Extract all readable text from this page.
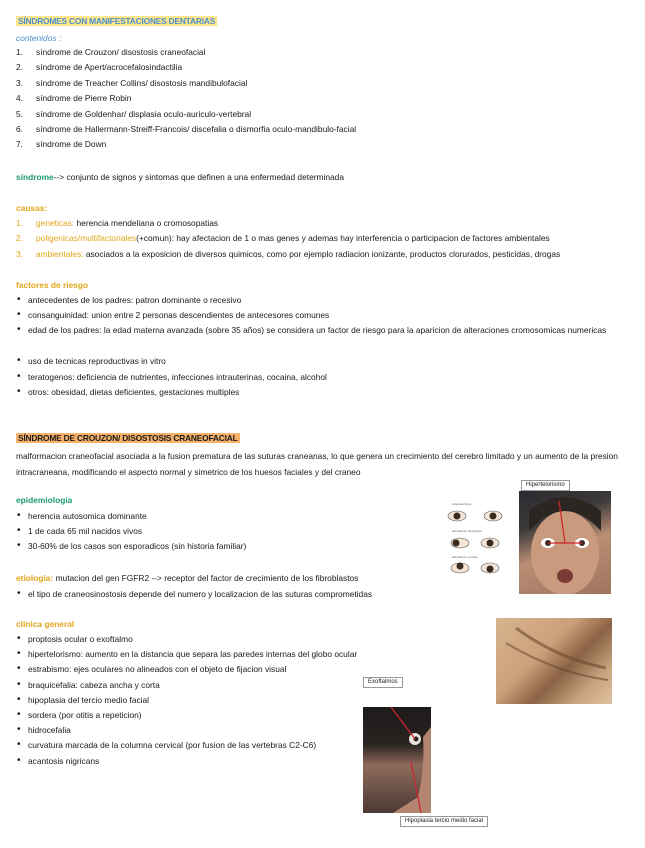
SÍNDROMES CON MANIFESTACIONES DENTARIAS
contenidos :
1.	síndrome de Crouzon/ disostosis craneofacial
2.	síndrome de Apert/acrocefalosindactilia
3.	síndrome de Treacher Collins/ disostosis mandibulofacial
4.	síndrome de Pierre Robin
5.	síndrome de Goldenhar/ displasia oculo-auriculo-vertebral
6.	síndrome de Hallermann-Streiff-Francois/ discefalia o dismorfia oculo-mandibulo-facial
7.	síndrome de Down
síndrome--> conjunto de signos y sintomas que definen a una enfermedad determinada
causas:
1.	geneticas: herencia mendeliana o cromosopatias
2.	poligenicas/multifactoriales(+comun): hay afectacion de 1 o mas genes y ademas hay interferencia o participacion de factores ambientales
3.	ambientales: asociados a la exposicion de diversos quimicos, como por ejemplo radiacion ionizante, productos clorurados, pesticidas, drogas
factores de riesgo
• antecedentes de los padres: patron dominante o recesivo
• consanguinidad: union entre 2 personas descendientes de antecesores comunes
• edad de los padres: la edad materna avanzada (sobre 35 años) se considera un factor de riesgo para la aparicion de alteraciones cromosomicas numericas
• uso de tecnicas reproductivas in vitro
• teratogenos: deficiencia de nutrientes, infecciones intrauterinas, cocaina, alcohol
• otros: obesidad, dietas deficientes, gestaciones multiples
SÍNDROME DE CROUZON/ DISOSTOSIS CRANEOFACIAL
malformacion craneofacial asociada a la fusion prematura de las suturas craneanas, lo que genera un crecimiento del cerebro limitado y un aumento de la presion intracraneana, modificando el aspecto normal y simetrico de los huesos faciales y del craneo
epidemiologia
• herencia autosomica dominante
• 1 de cada 65 mil nacidos vivos
• 30-60% de los casos son esporadicos (sin historia familiar)
etiologia: mutacion del gen FGFR2 --> receptor del factor de crecimiento de los fibroblastos
• el tipo de craneosinostosis depende del numero y localizacion de las suturas comprometidas
clinica general
• proptosis ocular o exoftalmo
• hipertelorismo: aumento en la distancia que separa las paredes internas del globo ocular
• estrabismo: ejes oculares no alineados con el objeto de fijacion visual
• braquicefalia: cabeza ancha y corta
• hipoplasia del tercio medio facial
• sordera (por otitis a repeticion)
• hidrocefalia
• curvatura marcada de la columna cervical (por fusion de las vertebras C2-C6)
• acantosis nigricans
Hipertelorismo ...
Estrabismo divergente
Estrabismo vertical
Hipertelorismo
Exoftalmos
Hipoplasia tercio medio facial
